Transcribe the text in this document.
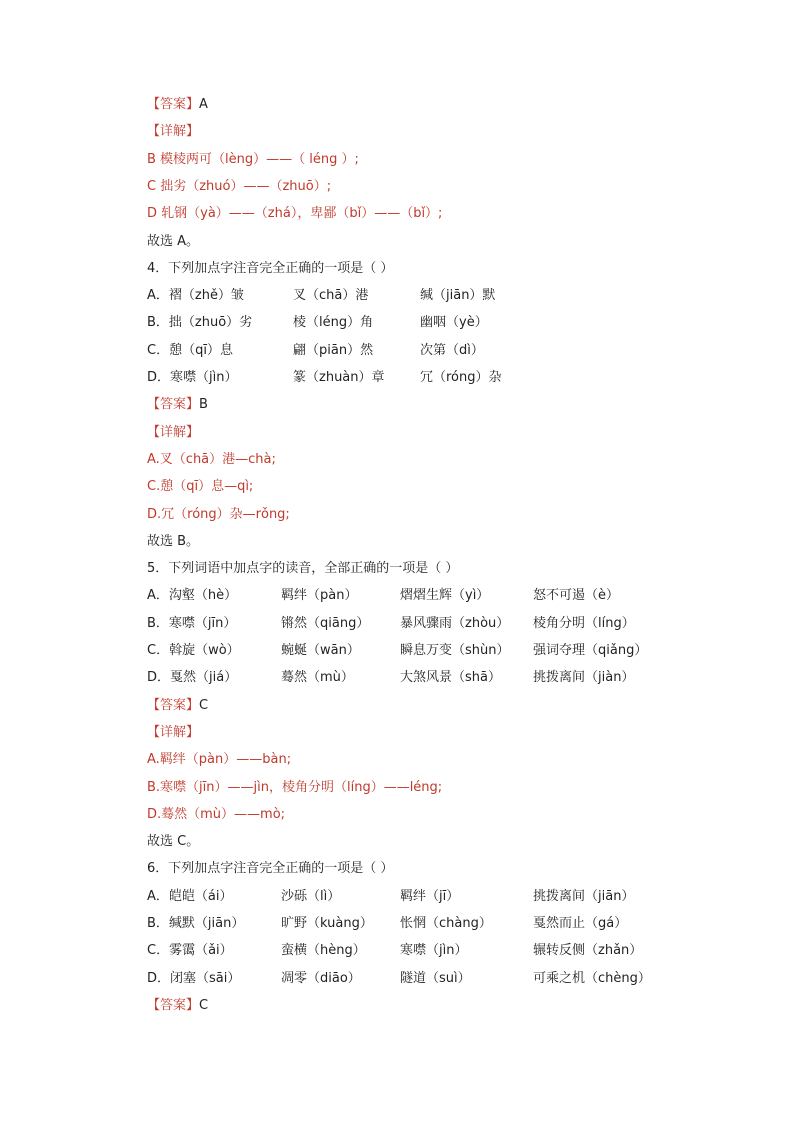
【答案】A
【详解】
B 模棱两可（lèng）——（ léng ）;
C 拙劣（zhuó）——（zhuō）;
D 轧钢（yà）——（zhá），卑鄙（bǐ）——（bǐ）;
故选 A。
4．下列加点字注音完全正确的一项是（ ）
A．褶（zhě）皱	叉（chā）港	缄（jiān）默
B．拙（zhuō）劣	棱（léng）角	幽咽（yè）
C．憩（qī）息	翩（piān）然	次第（dì）
D．寒噤（jìn）	篆（zhuàn）章	冗（róng）杂
【答案】B
【详解】
A.叉（chā）港—chà;
C.憩（qī）息—qì;
D.冗（róng）杂—rǒng;
故选 B。
5．下列词语中加点字的读音，全部正确的一项是（ ）
A．沟壑（hè）	羁绊（pàn）	熠熠生辉（yì）	怒不可遏（è）
B．寒噤（jīn）	锵然（qiāng） 暴风骤雨（zhòu） 棱角分明（líng）
C．斡旋（wò）	蜿蜒（wān）	瞬息万变（shùn） 强词夺理（qiǎng）
D．戛然（jiá）	蓦然（mù）	大煞风景（shā） 挑拨离间（jiàn）
【答案】C
【详解】
A.羁绊（pàn）——bàn;
B.寒噤（jīn）——jìn，棱角分明（líng）——léng;
D.蓦然（mù）——mò;
故选 C。
6．下列加点字注音完全正确的一项是（ ）
A．皑皑（ái）	沙砾（lì）	羁绊（jī）	挑拨离间（jiān）
B．缄默（jiān）	旷野（kuàng） 怅惘（chàng）	戛然而止（gá）
C．雾霭（ǎi）	蛮横（hèng）	寒噤（jìn）	辗转反侧（zhǎn）
D．闭塞（sāi）	凋零（diāo）	隧道（suì）	可乘之机（chèng）
【答案】C
